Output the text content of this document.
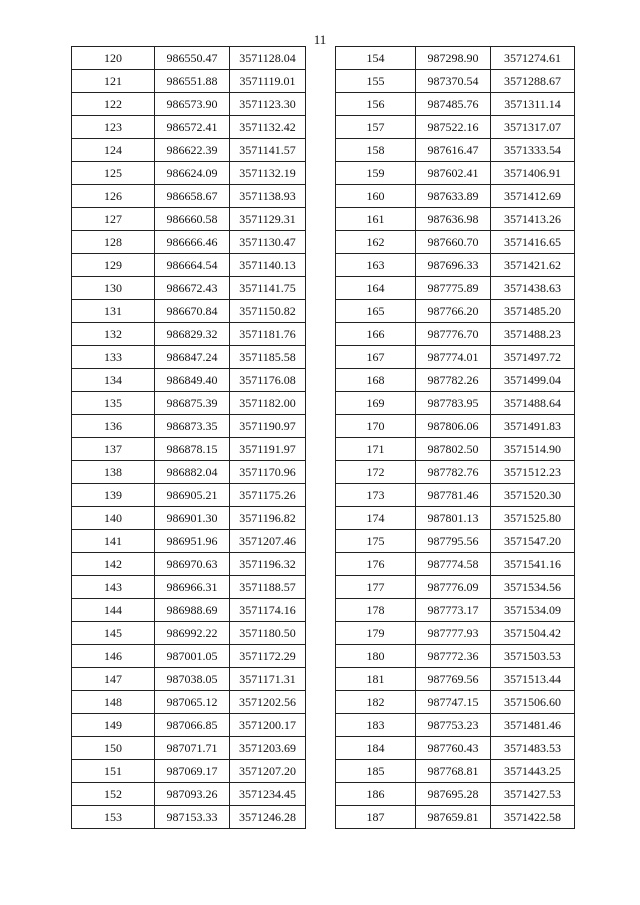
11
120	986550.47	3571128.04
121	986551.88	3571119.01
122	986573.90	3571123.30
123	986572.41	3571132.42
124	986622.39	3571141.57
125	986624.09	3571132.19
126	986658.67	3571138.93
127	986660.58	3571129.31
128	986666.46	3571130.47
129	986664.54	3571140.13
130	986672.43	3571141.75
131	986670.84	3571150.82
132	986829.32	3571181.76
133	986847.24	3571185.58
134	986849.40	3571176.08
135	986875.39	3571182.00
136	986873.35	3571190.97
137	986878.15	3571191.97
138	986882.04	3571170.96
139	986905.21	3571175.26
140	986901.30	3571196.82
141	986951.96	3571207.46
142	986970.63	3571196.32
143	986966.31	3571188.57
144	986988.69	3571174.16
145	986992.22	3571180.50
146	987001.05	3571172.29
147	987038.05	3571171.31
148	987065.12	3571202.56
149	987066.85	3571200.17
150	987071.71	3571203.69
151	987069.17	3571207.20
152	987093.26	3571234.45
153	987153.33	3571246.28
154	987298.90	3571274.61
155	987370.54	3571288.67
156	987485.76	3571311.14
157	987522.16	3571317.07
158	987616.47	3571333.54
159	987602.41	3571406.91
160	987633.89	3571412.69
161	987636.98	3571413.26
162	987660.70	3571416.65
163	987696.33	3571421.62
164	987775.89	3571438.63
165	987766.20	3571485.20
166	987776.70	3571488.23
167	987774.01	3571497.72
168	987782.26	3571499.04
169	987783.95	3571488.64
170	987806.06	3571491.83
171	987802.50	3571514.90
172	987782.76	3571512.23
173	987781.46	3571520.30
174	987801.13	3571525.80
175	987795.56	3571547.20
176	987774.58	3571541.16
177	987776.09	3571534.56
178	987773.17	3571534.09
179	987777.93	3571504.42
180	987772.36	3571503.53
181	987769.56	3571513.44
182	987747.15	3571506.60
183	987753.23	3571481.46
184	987760.43	3571483.53
185	987768.81	3571443.25
186	987695.28	3571427.53
187	987659.81	3571422.58
